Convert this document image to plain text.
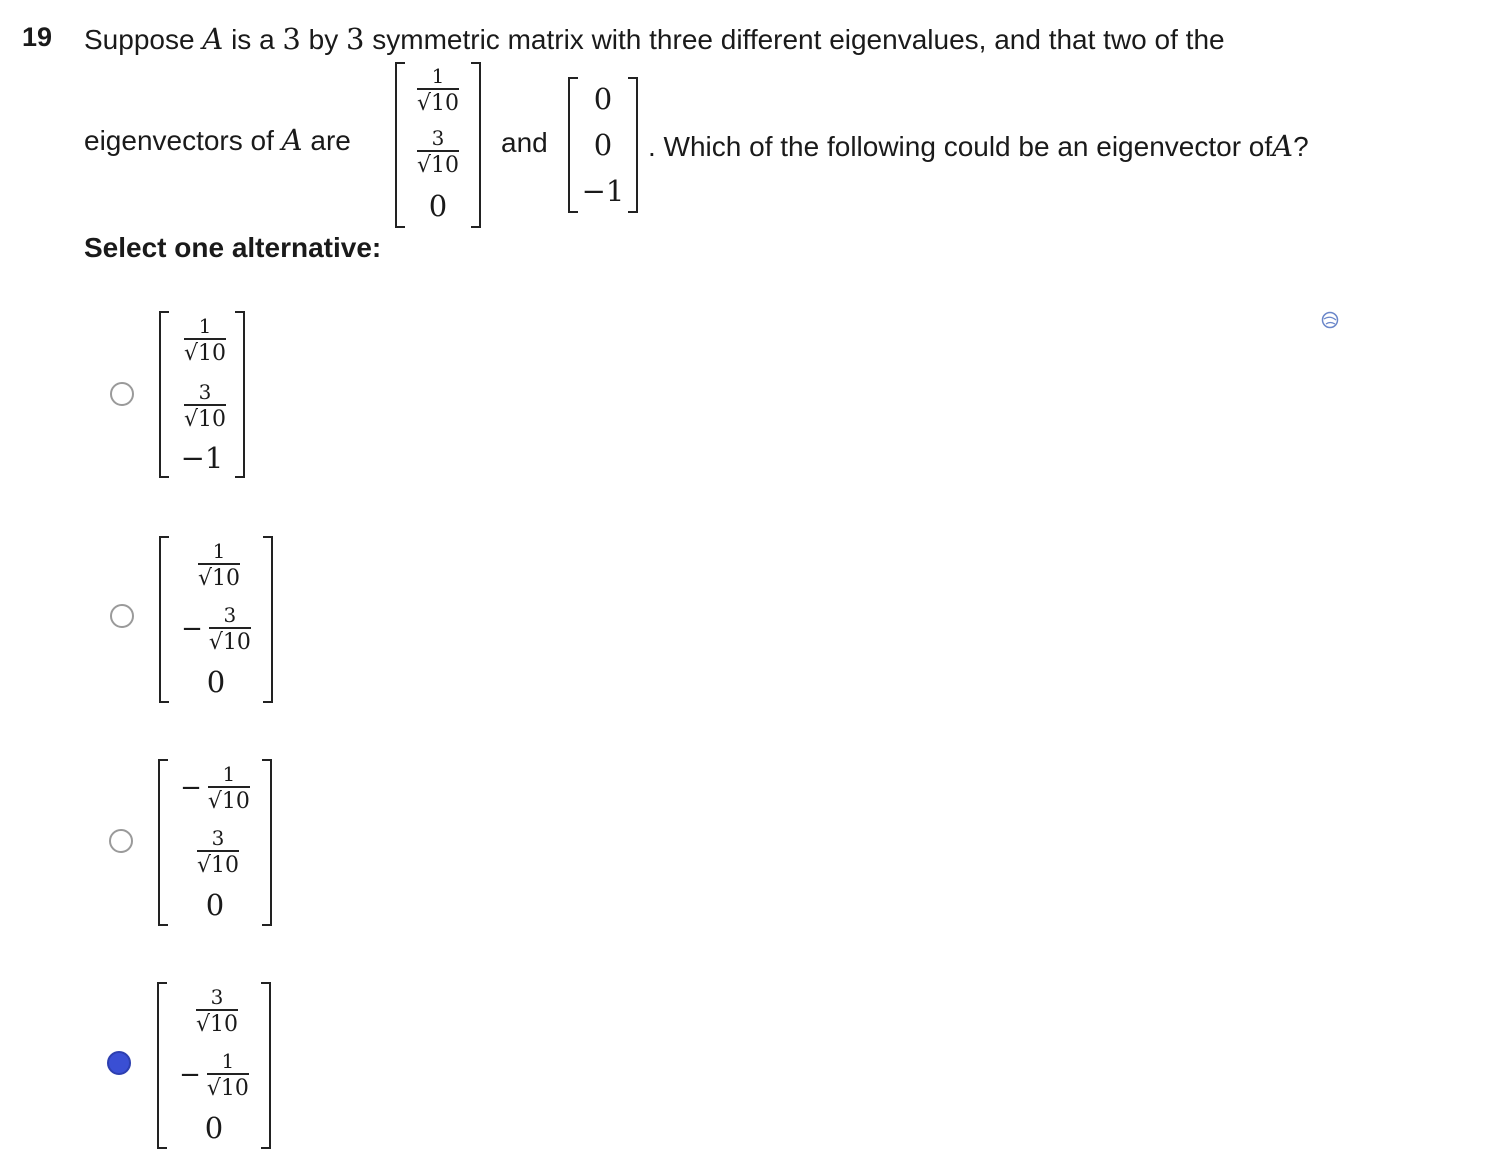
19 Suppose A is a 3 by 3 symmetric matrix with three different eigenvalues, and that two of the
eigenvectors of A are
$\frac{1}{√10}$
$\frac{3}{√10}$
0
and
0
0
−1
. Which of the following could be an eigenvector ofA?
Select one alternative:
$\frac{1}{√10}$
$\frac{3}{√10}$
−1
$\frac{1}{√10}$
− $\frac{3}{√10}$
0
− $\frac{1}{√10}$
$\frac{3}{√10}$
0
$\frac{3}{√10}$
− $\frac{1}{√10}$
0
